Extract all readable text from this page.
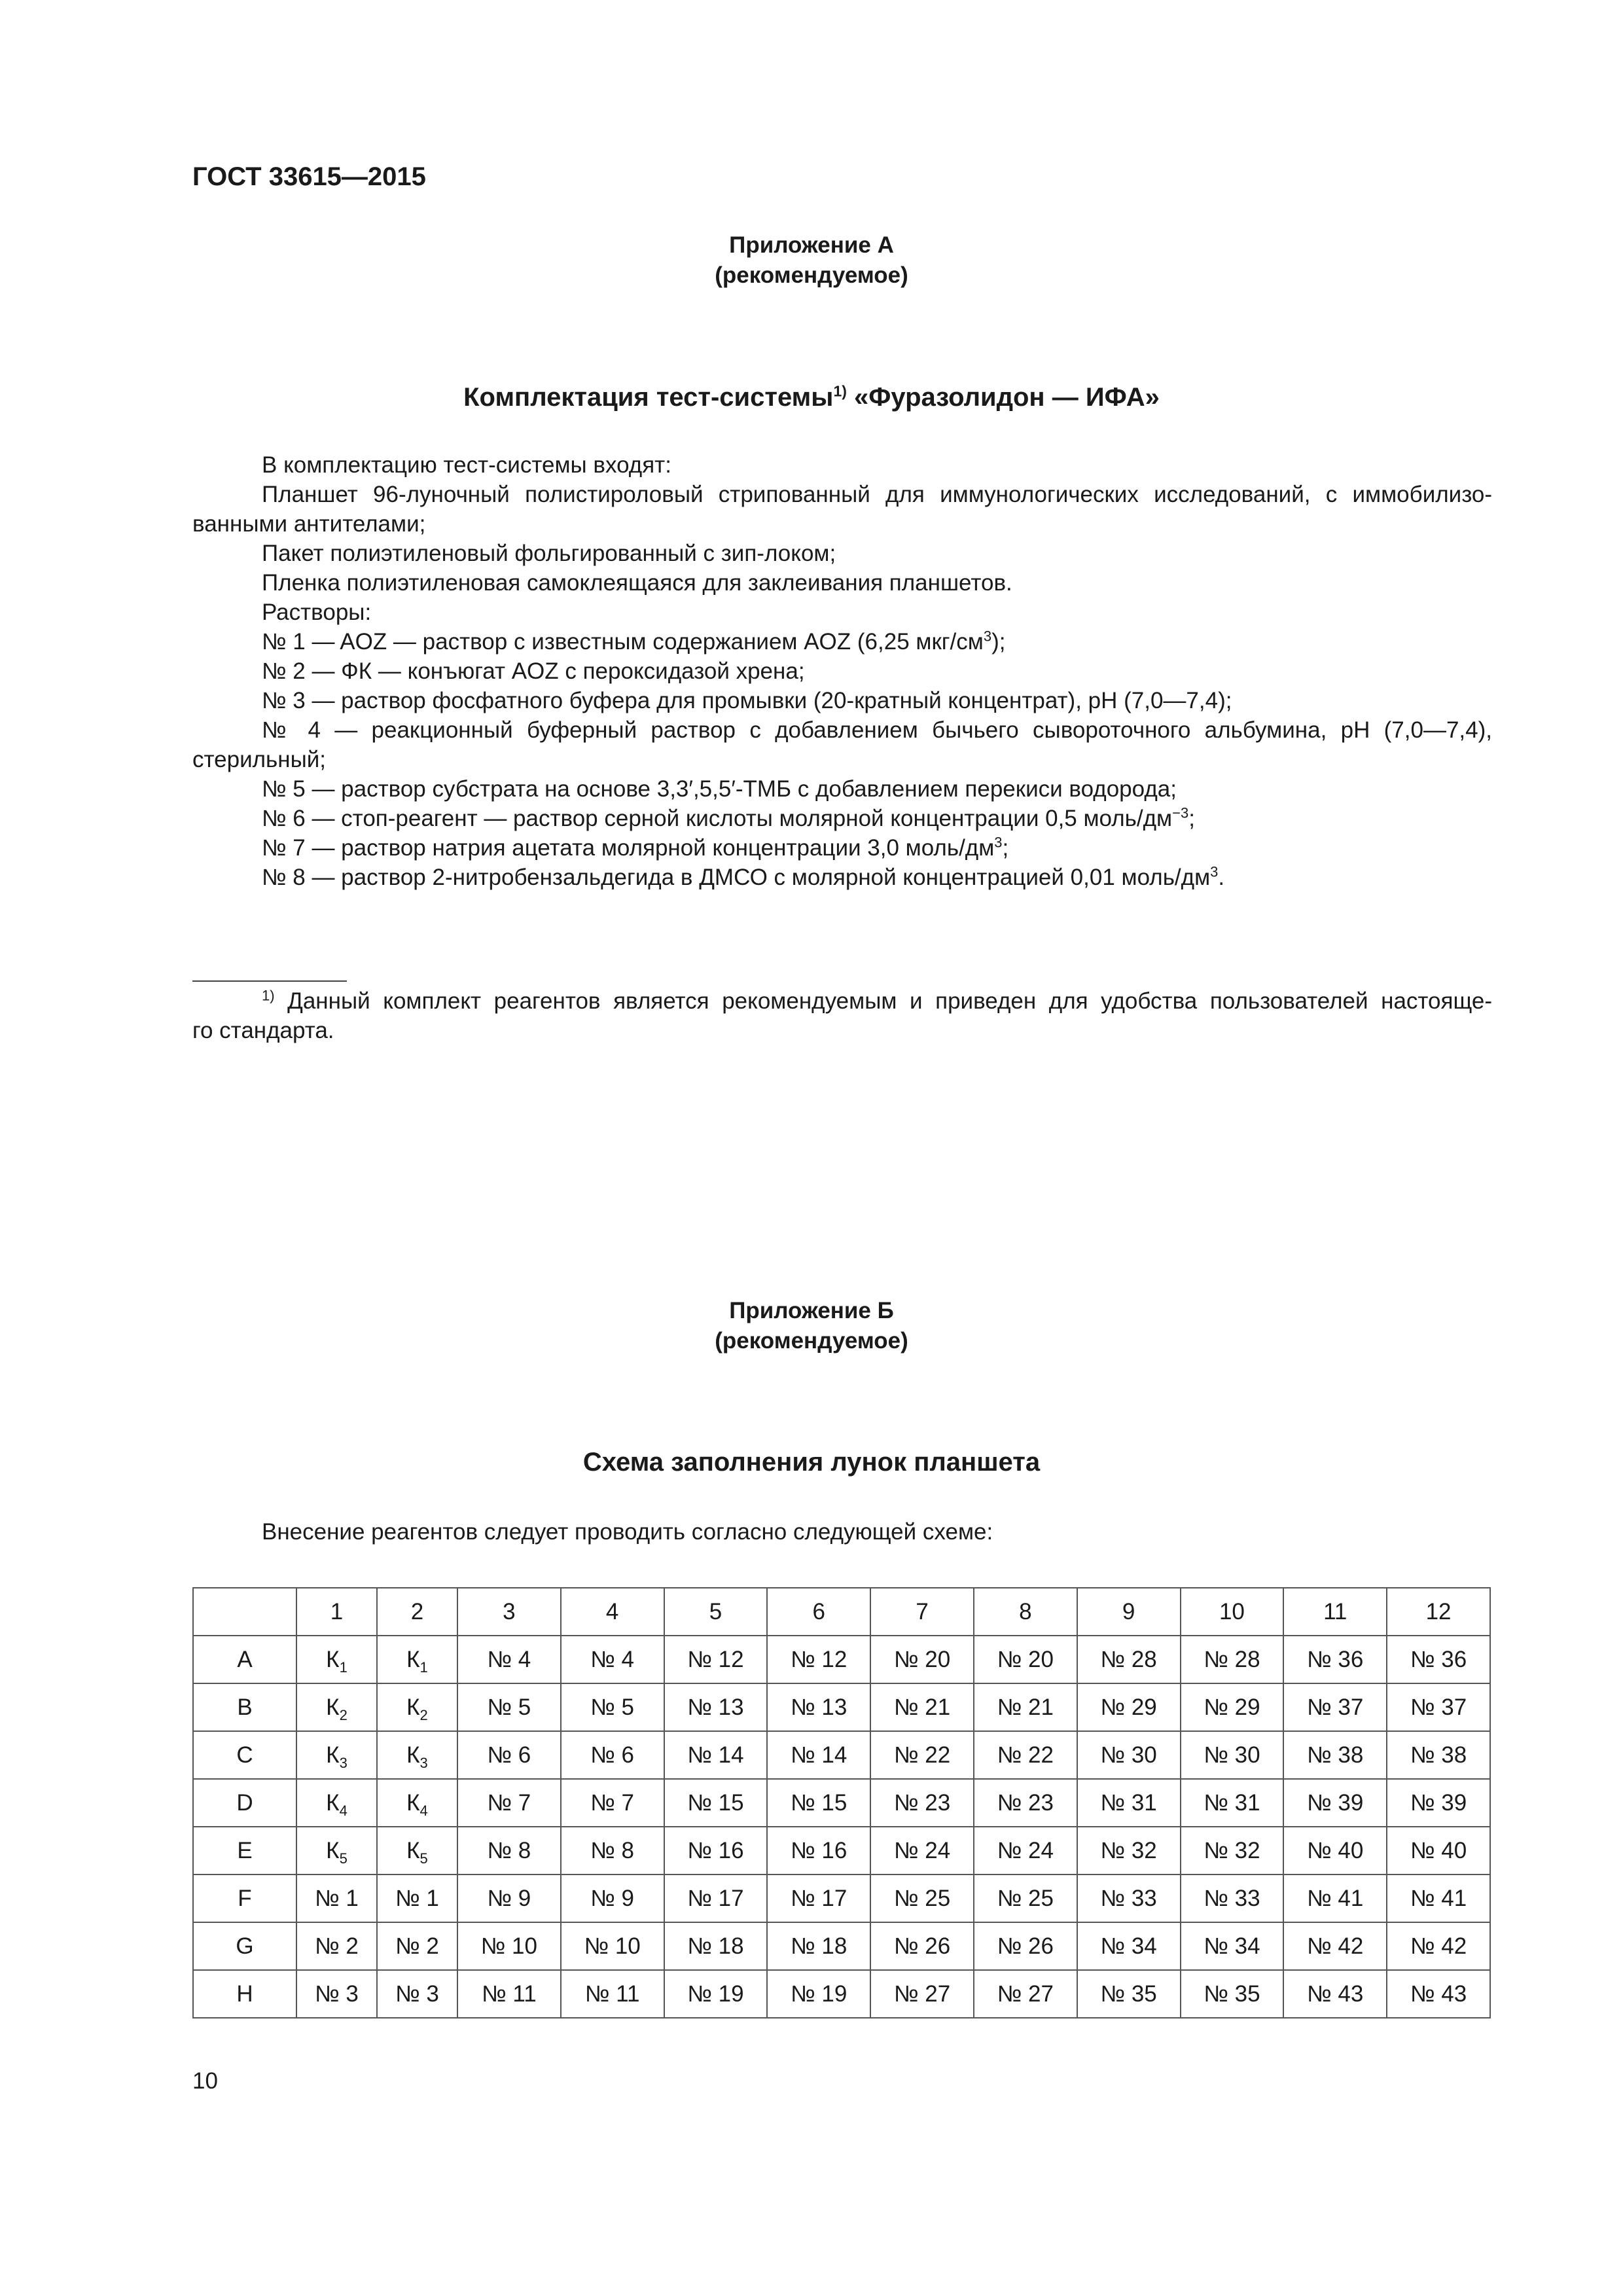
ГОСТ 33615—2015
Приложение А
(рекомендуемое)
Комплектация тест-системы$^{1)}$ «Фуразолидон — ИФА»
В комплектацию тест-системы входят:
Планшет 96-луночный полистироловый стрипованный для иммунологических исследований, с иммобилизо-
ванными антителами;
Пакет полиэтиленовый фольгированный с зип-локом;
Пленка полиэтиленовая самоклеящаяся для заклеивания планшетов.
Растворы:
№ 1 — AOZ — раствор с известным содержанием AOZ (6,25 мкг/$см^3$);
№ 2 — ФК — конъюгат AOZ с пероксидазой хрена;
№ 3 — раствор фосфатного буфера для промывки (20-кратный концентрат), pH (7,0—7,4);
№ 4 — реакционный буферный раствор с добавлением бычьего сывороточного альбумина, pH (7,0—7,4),
стерильный;
№ 5 — раствор субстрата на основе 3,3′,5,5′-ТМБ с добавлением перекиси водорода;
№ 6 — стоп-реагент — раствор серной кислоты молярной концентрации 0,5 моль/$дм^{-3}$;
№ 7 — раствор натрия ацетата молярной концентрации 3,0 моль/$дм^3$;
№ 8 — раствор 2-нитробензальдегида в ДМСО с молярной концентрацией 0,01 моль/$дм^3$.
$^{1)}$ Данный комплект реагентов является рекомендуемым и приведен для удобства пользователей настояще-
го стандарта.
Приложение Б
(рекомендуемое)
Схема заполнения лунок планшета
Внесение реагентов следует проводить согласно следующей схеме:
	1	2	3	4	5	6	7	8	9	10	11	12
A	$К_1$	$К_1$	№ 4	№ 4	№ 12	№ 12	№ 20	№ 20	№ 28	№ 28	№ 36	№ 36
B	$К_2$	$К_2$	№ 5	№ 5	№ 13	№ 13	№ 21	№ 21	№ 29	№ 29	№ 37	№ 37
C	$К_3$	$К_3$	№ 6	№ 6	№ 14	№ 14	№ 22	№ 22	№ 30	№ 30	№ 38	№ 38
D	$К_4$	$К_4$	№ 7	№ 7	№ 15	№ 15	№ 23	№ 23	№ 31	№ 31	№ 39	№ 39
E	$К_5$	$К_5$	№ 8	№ 8	№ 16	№ 16	№ 24	№ 24	№ 32	№ 32	№ 40	№ 40
F	№ 1	№ 1	№ 9	№ 9	№ 17	№ 17	№ 25	№ 25	№ 33	№ 33	№ 41	№ 41
G	№ 2	№ 2	№ 10	№ 10	№ 18	№ 18	№ 26	№ 26	№ 34	№ 34	№ 42	№ 42
H	№ 3	№ 3	№ 11	№ 11	№ 19	№ 19	№ 27	№ 27	№ 35	№ 35	№ 43	№ 43
10
